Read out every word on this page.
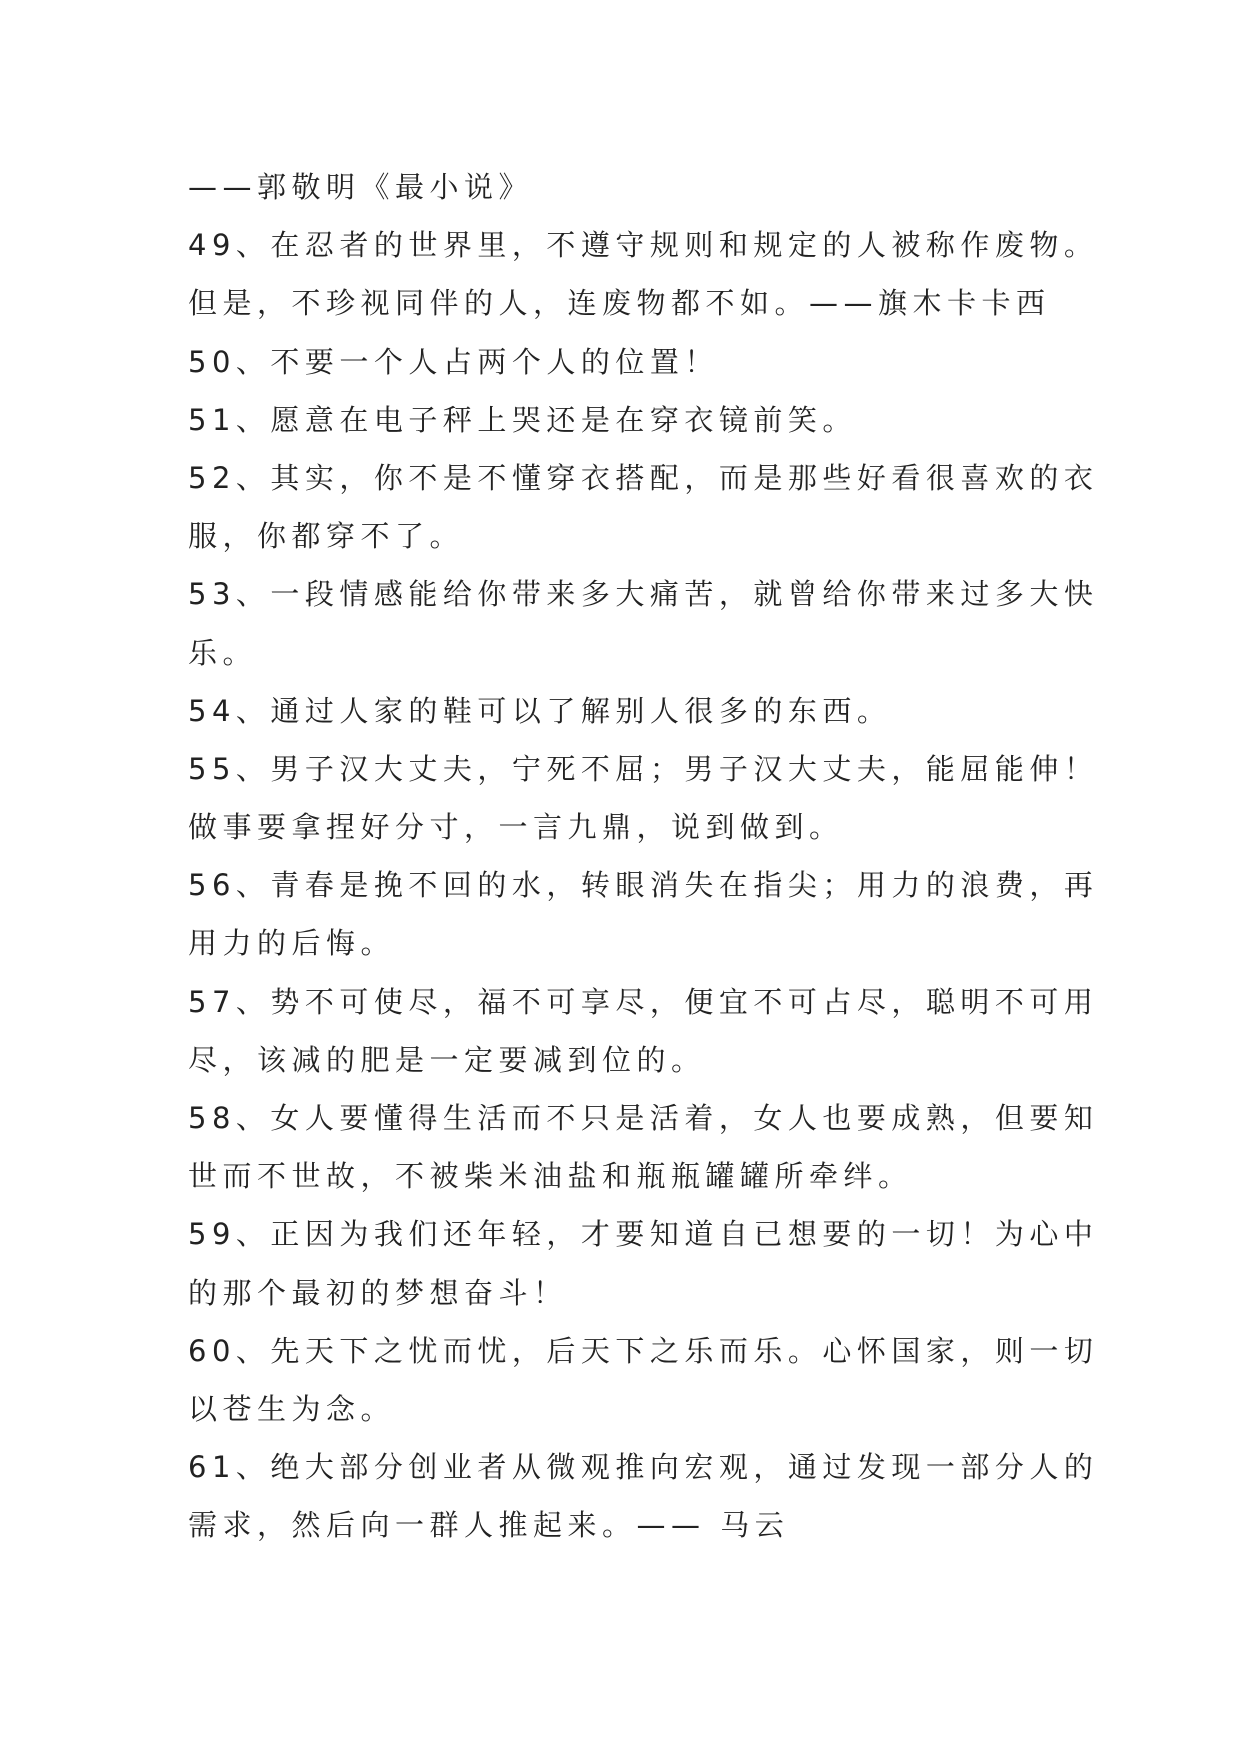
——郭敬明《最小说》
49、在忍者的世界里，不遵守规则和规定的人被称作废物。
但是，不珍视同伴的人，连废物都不如。——旗木卡卡西
50、不要一个人占两个人的位置！
51、愿意在电子秤上哭还是在穿衣镜前笑。
52、其实，你不是不懂穿衣搭配，而是那些好看很喜欢的衣
服，你都穿不了。
53、一段情感能给你带来多大痛苦，就曾给你带来过多大快
乐。
54、通过人家的鞋可以了解别人很多的东西。
55、男子汉大丈夫，宁死不屈；男子汉大丈夫，能屈能伸！
做事要拿捏好分寸，一言九鼎，说到做到。
56、青春是挽不回的水，转眼消失在指尖；用力的浪费，再
用力的后悔。
57、势不可使尽，福不可享尽，便宜不可占尽，聪明不可用
尽，该减的肥是一定要减到位的。
58、女人要懂得生活而不只是活着，女人也要成熟，但要知
世而不世故，不被柴米油盐和瓶瓶罐罐所牵绊。
59、正因为我们还年轻，才要知道自已想要的一切！为心中
的那个最初的梦想奋斗！
60、先天下之忧而忧，后天下之乐而乐。心怀国家，则一切
以苍生为念。
61、绝大部分创业者从微观推向宏观，通过发现一部分人的
需求，然后向一群人推起来。—— 马云
